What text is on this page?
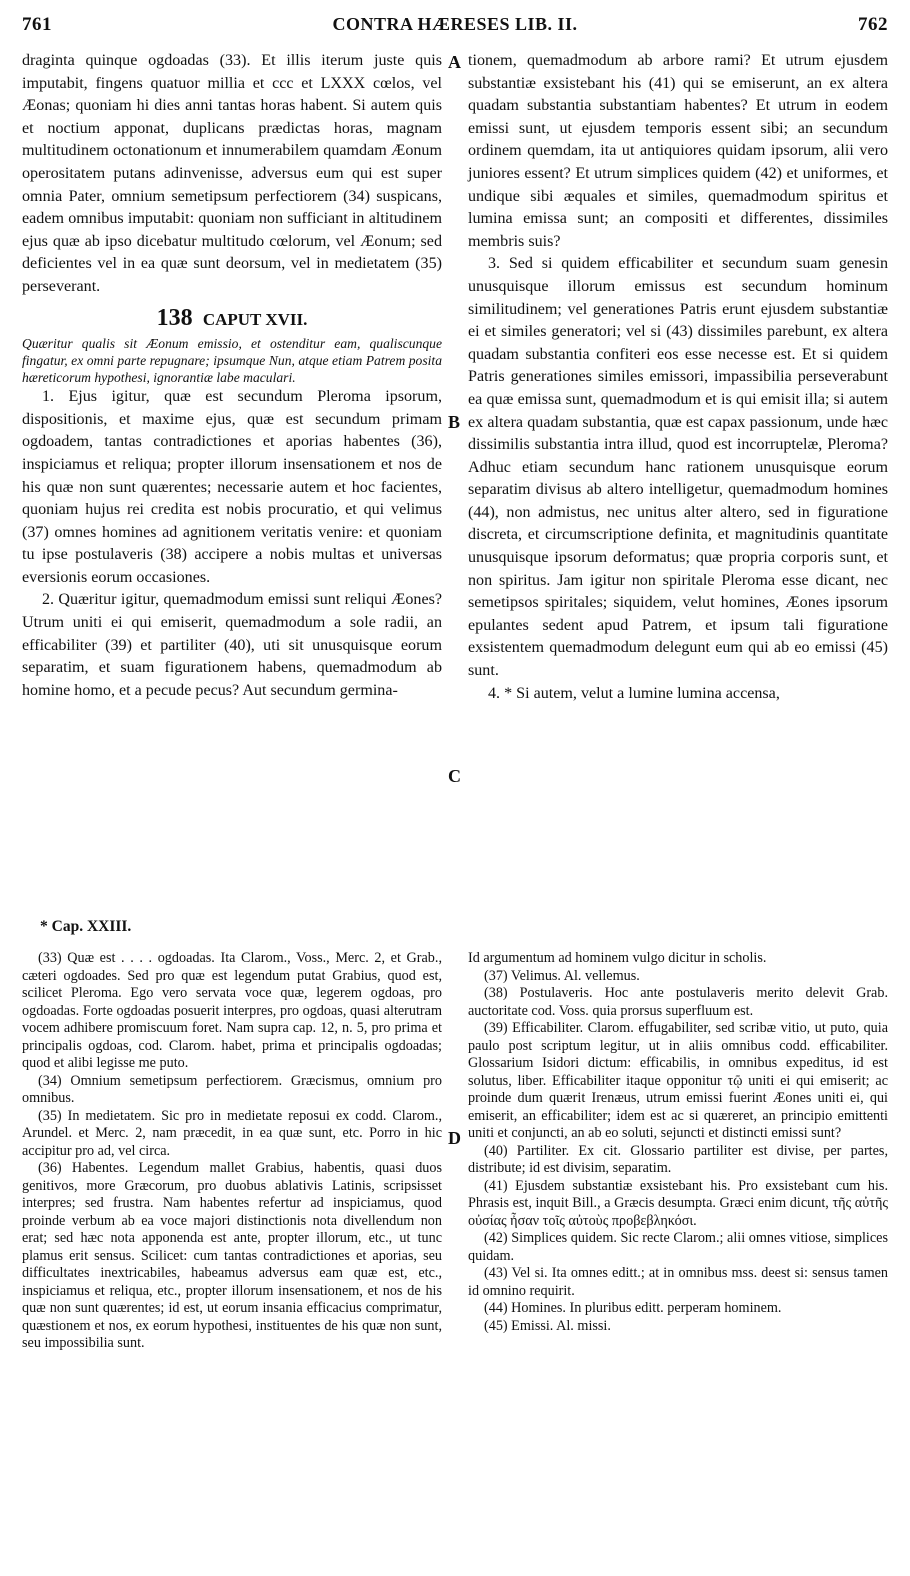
761	CONTRA HÆRESES LIB. II.	762

draginta quinque ogdoadas (33). Et illis iterum juste quis imputabit, fingens quatuor millia et ccc et LXXX cœlos, vel Æonas; quoniam hi dies anni tantas horas habent. Si autem quis et noctium apponat, duplicans prædictas horas, magnam multitudinem octonationum et innumerabilem quamdam Æonum operositatem putans adinvenisse, adversus eum qui est super omnia Pater, omnium semetipsum perfectiorem (34) suspicans, eadem omnibus imputabit: quoniam non sufficiant in altitudinem ejus quæ ab ipso dicebatur multitudo cœlorum, vel Æonum; sed deficientes vel in ea quæ sunt deorsum, vel in medietatem (35) perseverant.

138 CAPUT XVII.

Quæritur qualis sit Æonum emissio, et ostenditur eam, qualiscunque fingatur, ex omni parte repugnare; ipsumque Nun, atque etiam Patrem posita hæreticorum hypothesi, ignorantiæ labe maculari.

1. Ejus igitur, quæ est secundum Pleroma ipsorum, dispositionis, et maxime ejus, quæ est secundum primam ogdoadem, tantas contradictiones et aporias habentes (36), inspiciamus et reliqua; propter illorum insensationem et nos de his quæ non sunt quærentes; necessarie autem et hoc facientes, quoniam hujus rei credita est nobis procuratio, et qui velimus (37) omnes homines ad agnitionem veritatis venire: et quoniam tu ipse postulaveris (38) accipere a nobis multas et universas eversionis eorum occasiones.

2. Quæritur igitur, quemadmodum emissi sunt reliqui Æones? Utrum uniti ei qui emiserit, quemadmodum a sole radii, an efficabiliter (39) et partiliter (40), uti sit unusquisque eorum separatim, et suam figurationem habens, quemadmodum ab homine homo, et a pecude pecus? Aut secundum germina-

tionem, quemadmodum ab arbore rami? Et utrum ejusdem substantiæ exsistebant his (41) qui se emiserunt, an ex altera quadam substantia substantiam habentes? Et utrum in eodem emissi sunt, ut ejusdem temporis essent sibi; an secundum ordinem quemdam, ita ut antiquiores quidam ipsorum, alii vero juniores essent? Et utrum simplices quidem (42) et uniformes, et undique sibi æquales et similes, quemadmodum spiritus et lumina emissa sunt; an compositi et differentes, dissimiles membris suis?

3. Sed si quidem efficabiliter et secundum suam genesin unusquisque illorum emissus est secundum hominum similitudinem; vel generationes Patris erunt ejusdem substantiæ ei et similes generatori; vel si (43) dissimiles parebunt, ex altera quadam substantia confiteri eos esse necesse est. Et si quidem Patris generationes similes emissori, impassibilia perseverabunt ea quæ emissa sunt, quemadmodum et is qui emisit illa; si autem ex altera quadam substantia, quæ est capax passionum, unde hæc dissimilis substantia intra illud, quod est incorruptelæ, Pleroma? Adhuc etiam secundum hanc rationem unusquisque eorum separatim divisus ab altero intelligetur, quemadmodum homines (44), non admistus, nec unitus alter altero, sed in figuratione discreta, et circumscriptione definita, et magnitudinis quantitate unusquisque ipsorum deformatus; quæ propria corporis sunt, et non spiritus. Jam igitur non spiritale Pleroma esse dicant, nec semetipsos spiritales; siquidem, velut homines, Æones ipsorum epulantes sedent apud Patrem, et ipsum tali figuratione exsistentem quemadmodum delegunt eum qui ab eo emissi (45) sunt.

4. * Si autem, velut a lumine lumina accensa,

A
B
C
D
* Cap. XXIII.

(33) Quæ est . . . . ogdoadas. Ita Clarom., Voss., Merc. 2, et Grab., cæteri ogdoades. Sed pro quæ est legendum putat Grabius, quod est, scilicet Pleroma. Ego vero servata voce quæ, legerem ogdoas, pro ogdoadas. Forte ogdoadas posuerit interpres, pro ogdoas, quasi alterutram vocem adhibere promiscuum foret. Nam supra cap. 12, n. 5, pro prima et principalis ogdoas, cod. Clarom. habet, prima et principalis ogdoadas; quod et alibi legisse me puto.

(34) Omnium semetipsum perfectiorem. Græcismus, omnium pro omnibus.

(35) In medietatem. Sic pro in medietate reposui ex codd. Clarom., Arundel. et Merc. 2, nam præcedit, in ea quæ sunt, etc. Porro in hic accipitur pro ad, vel circa.

(36) Habentes. Legendum mallet Grabius, habentis, quasi duos genitivos, more Græcorum, pro duobus ablativis Latinis, scripsisset interpres; sed frustra. Nam habentes refertur ad inspiciamus, quod proinde verbum ab ea voce majori distinctionis nota divellendum non erat; sed hæc nota apponenda est ante, propter illorum, etc., ut tunc plamus erit sensus. Scilicet: cum tantas contradictiones et aporias, seu difficultates inextricabiles, habeamus adversus eam quæ est, etc., inspiciamus et reliqua, etc., propter illorum insensationem, et nos de his quæ non sunt quærentes; id est, ut eorum insania efficacius comprimatur, quæstionem et nos, ex eorum hypothesi, instituentes de his quæ non sunt, seu impossibilia sunt.

Id argumentum ad hominem vulgo dicitur in scholis.

(37) Velimus. Al. vellemus.

(38) Postulaveris. Hoc ante postulaveris merito delevit Grab. auctoritate cod. Voss. quia prorsus superfluum est.

(39) Efficabiliter. Clarom. effugabiliter, sed scribæ vitio, ut puto, quia paulo post scriptum legitur, ut in aliis omnibus codd. efficabiliter. Glossarium Isidori dictum: efficabilis, in omnibus expeditus, id est solutus, liber. Efficabiliter itaque opponitur τῷ uniti ei qui emiserit; ac proinde dum quærit Irenæus, utrum emissi fuerint Æones uniti ei, qui emiserit, an efficabiliter; idem est ac si quæreret, an principio emittenti uniti et conjuncti, an ab eo soluti, sejuncti et distincti emissi sunt?

(40) Partiliter. Ex cit. Glossario partiliter est divise, per partes, distribute; id est divisim, separatim.

(41) Ejusdem substantiæ exsistebant his. Pro exsistebant cum his. Phrasis est, inquit Bill., a Græcis desumpta. Græci enim dicunt, τῆς αὐτῆς οὐσίας ἦσαν τοῖς αὐτοὺς προβεβληκόσι.

(42) Simplices quidem. Sic recte Clarom.; alii omnes vitiose, simplices quidam.

(43) Vel si. Ita omnes editt.; at in omnibus mss. deest si: sensus tamen id omnino requirit.

(44) Homines. In pluribus editt. perperam hominem.

(45) Emissi. Al. missi.
